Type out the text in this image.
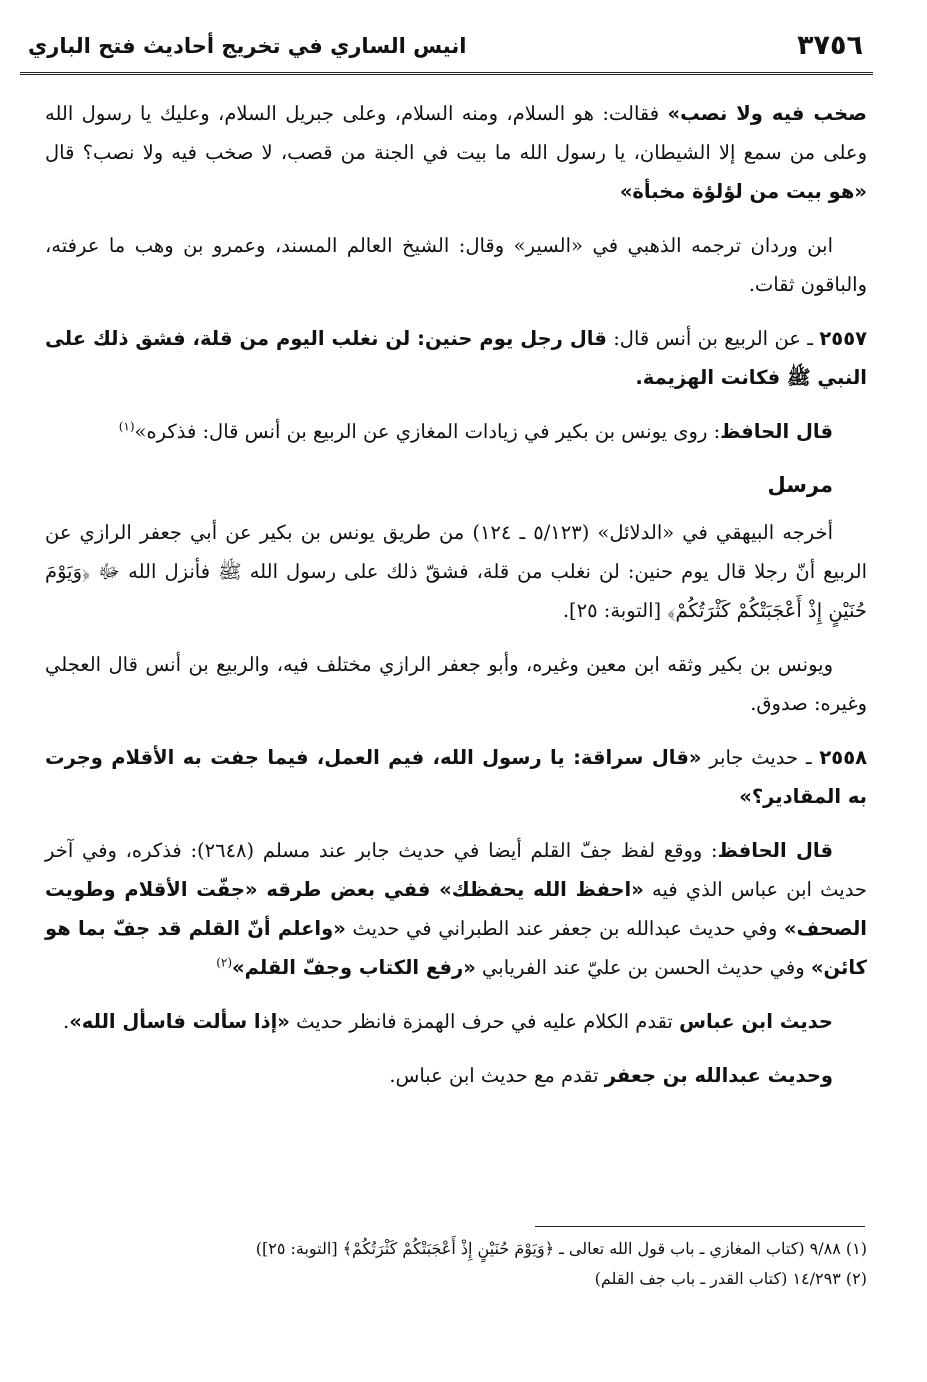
٣٧٥٦
انيس الساري في تخريج أحاديث فتح الباري

صخب فيه ولا نصب» فقالت: هو السلام، ومنه السلام، وعلى جبريل السلام، وعليك يا رسول الله وعلى من سمع إلا الشيطان، يا رسول الله ما بيت في الجنة من قصب، لا صخب فيه ولا نصب؟ قال «هو بيت من لؤلؤة مخبأة»

ابن وردان ترجمه الذهبي في «السير» وقال: الشيخ العالم المسند، وعمرو بن وهب ما عرفته، والباقون ثقات.

٢٥٥٧ ـ عن الربيع بن أنس قال: قال رجل يوم حنين: لن نغلب اليوم من قلة، فشق ذلك على النبي ﷺ فكانت الهزيمة.

قال الحافظ: روى يونس بن بكير في زيادات المغازي عن الربيع بن أنس قال: فذكره»$^{(١)}$

مرسل

أخرجه البيهقي في «الدلائل» (٥/١٢٣ ـ ١٢٤) من طريق يونس بن بكير عن أبي جعفر الرازي عن الربيع أنّ رجلا قال يوم حنين: لن نغلب من قلة، فشقّ ذلك على رسول الله ﷺ فأنزل الله ﷻ ﴿وَيَوْمَ حُنَيْنٍ إِذْ أَعْجَبَتْكُمْ كَثْرَتُكُمْ﴾ [التوبة: ٢٥].

ويونس بن بكير وثقه ابن معين وغيره، وأبو جعفر الرازي مختلف فيه، والربيع بن أنس قال العجلي وغيره: صدوق.

٢٥٥٨ ـ حديث جابر «قال سراقة: يا رسول الله، فيم العمل، فيما جفت به الأقلام وجرت به المقادير؟»

قال الحافظ: ووقع لفظ جفّ القلم أيضا في حديث جابر عند مسلم (٢٦٤٨): فذكره، وفي آخر حديث ابن عباس الذي فيه «احفظ الله يحفظك» ففي بعض طرقه «جفّت الأقلام وطويت الصحف» وفي حديث عبدالله بن جعفر عند الطبراني في حديث «واعلم أنّ القلم قد جفّ بما هو كائن» وفي حديث الحسن بن عليّ عند الفريابي «رفع الكتاب وجفّ القلم»$^{(٢)}$

حديث ابن عباس تقدم الكلام عليه في حرف الهمزة فانظر حديث «إذا سألت فاسأل الله».

وحديث عبدالله بن جعفر تقدم مع حديث ابن عباس.

(١) ٩/٨٨ (كتاب المغازي ـ باب قول الله تعالى ـ ﴿وَيَوْمَ حُنَيْنٍ إِذْ أَعْجَبَتْكُمْ كَثْرَتُكُمْ﴾ [التوبة: ٢٥])

(٢) ١٤/٢٩٣ (كتاب القدر ـ باب جف القلم)
